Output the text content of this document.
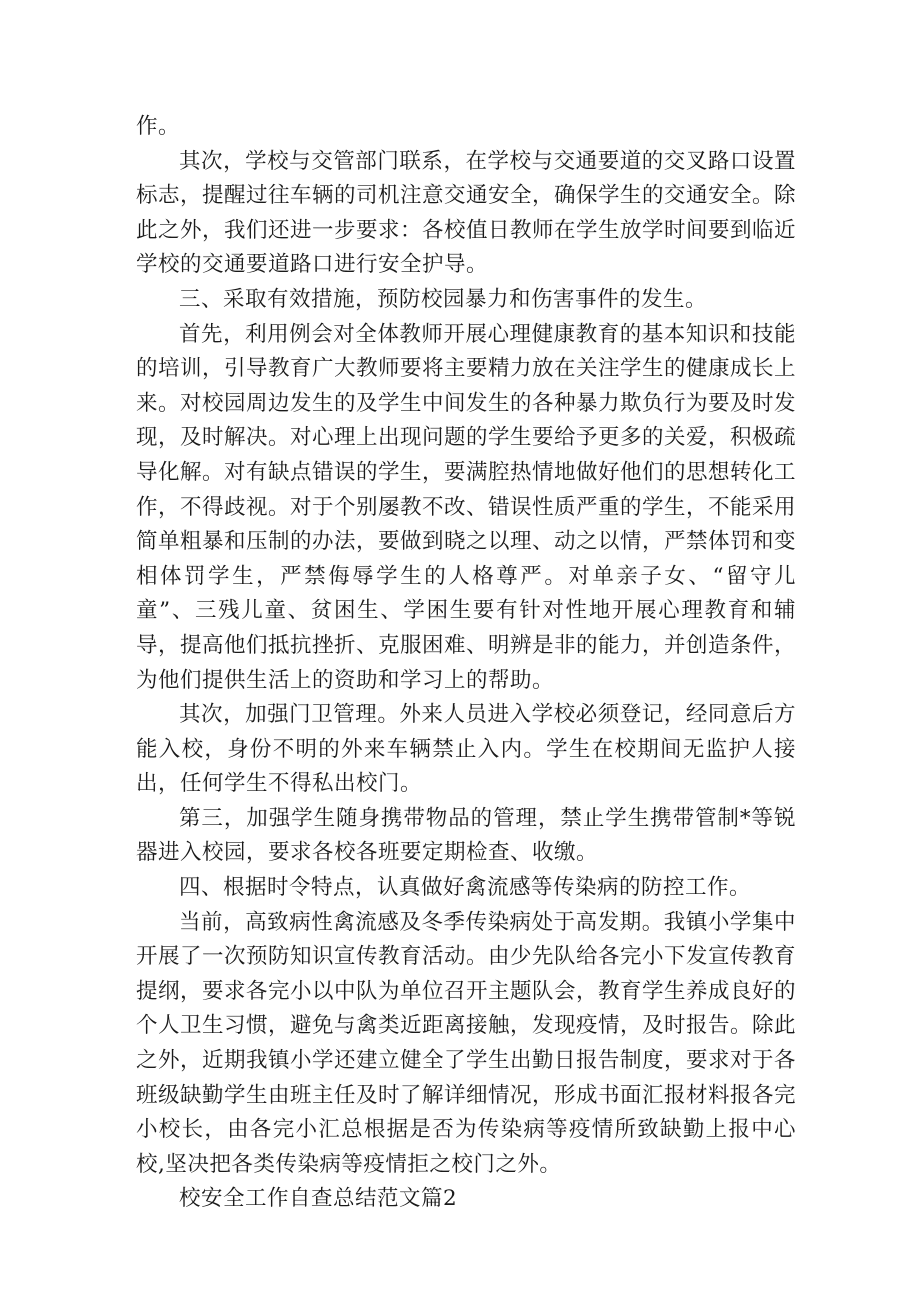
作。

其次，学校与交管部门联系，在学校与交通要道的交叉路口设置标志，提醒过往车辆的司机注意交通安全，确保学生的交通安全。除此之外，我们还进一步要求：各校值日教师在学生放学时间要到临近学校的交通要道路口进行安全护导。

三、采取有效措施，预防校园暴力和伤害事件的发生。

首先，利用例会对全体教师开展心理健康教育的基本知识和技能的培训，引导教育广大教师要将主要精力放在关注学生的健康成长上来。对校园周边发生的及学生中间发生的各种暴力欺负行为要及时发现，及时解决。对心理上出现问题的学生要给予更多的关爱，积极疏导化解。对有缺点错误的学生，要满腔热情地做好他们的思想转化工作，不得歧视。对于个别屡教不改、错误性质严重的学生，不能采用简单粗暴和压制的办法，要做到晓之以理、动之以情，严禁体罚和变相体罚学生，严禁侮辱学生的人格尊严。对单亲子女、“留守儿童”、三残儿童、贫困生、学困生要有针对性地开展心理教育和辅导，提高他们抵抗挫折、克服困难、明辨是非的能力，并创造条件，为他们提供生活上的资助和学习上的帮助。

其次，加强门卫管理。外来人员进入学校必须登记，经同意后方能入校，身份不明的外来车辆禁止入内。学生在校期间无监护人接出，任何学生不得私出校门。

第三，加强学生随身携带物品的管理，禁止学生携带管制*等锐器进入校园，要求各校各班要定期检查、收缴。

四、根据时令特点，认真做好禽流感等传染病的防控工作。

当前，高致病性禽流感及冬季传染病处于高发期。我镇小学集中开展了一次预防知识宣传教育活动。由少先队给各完小下发宣传教育提纲，要求各完小以中队为单位召开主题队会，教育学生养成良好的个人卫生习惯，避免与禽类近距离接触，发现疫情，及时报告。除此之外，近期我镇小学还建立健全了学生出勤日报告制度，要求对于各班级缺勤学生由班主任及时了解详细情况，形成书面汇报材料报各完小校长，由各完小汇总根据是否为传染病等疫情所致缺勤上报中心校,坚决把各类传染病等疫情拒之校门之外。

校安全工作自查总结范文篇2
